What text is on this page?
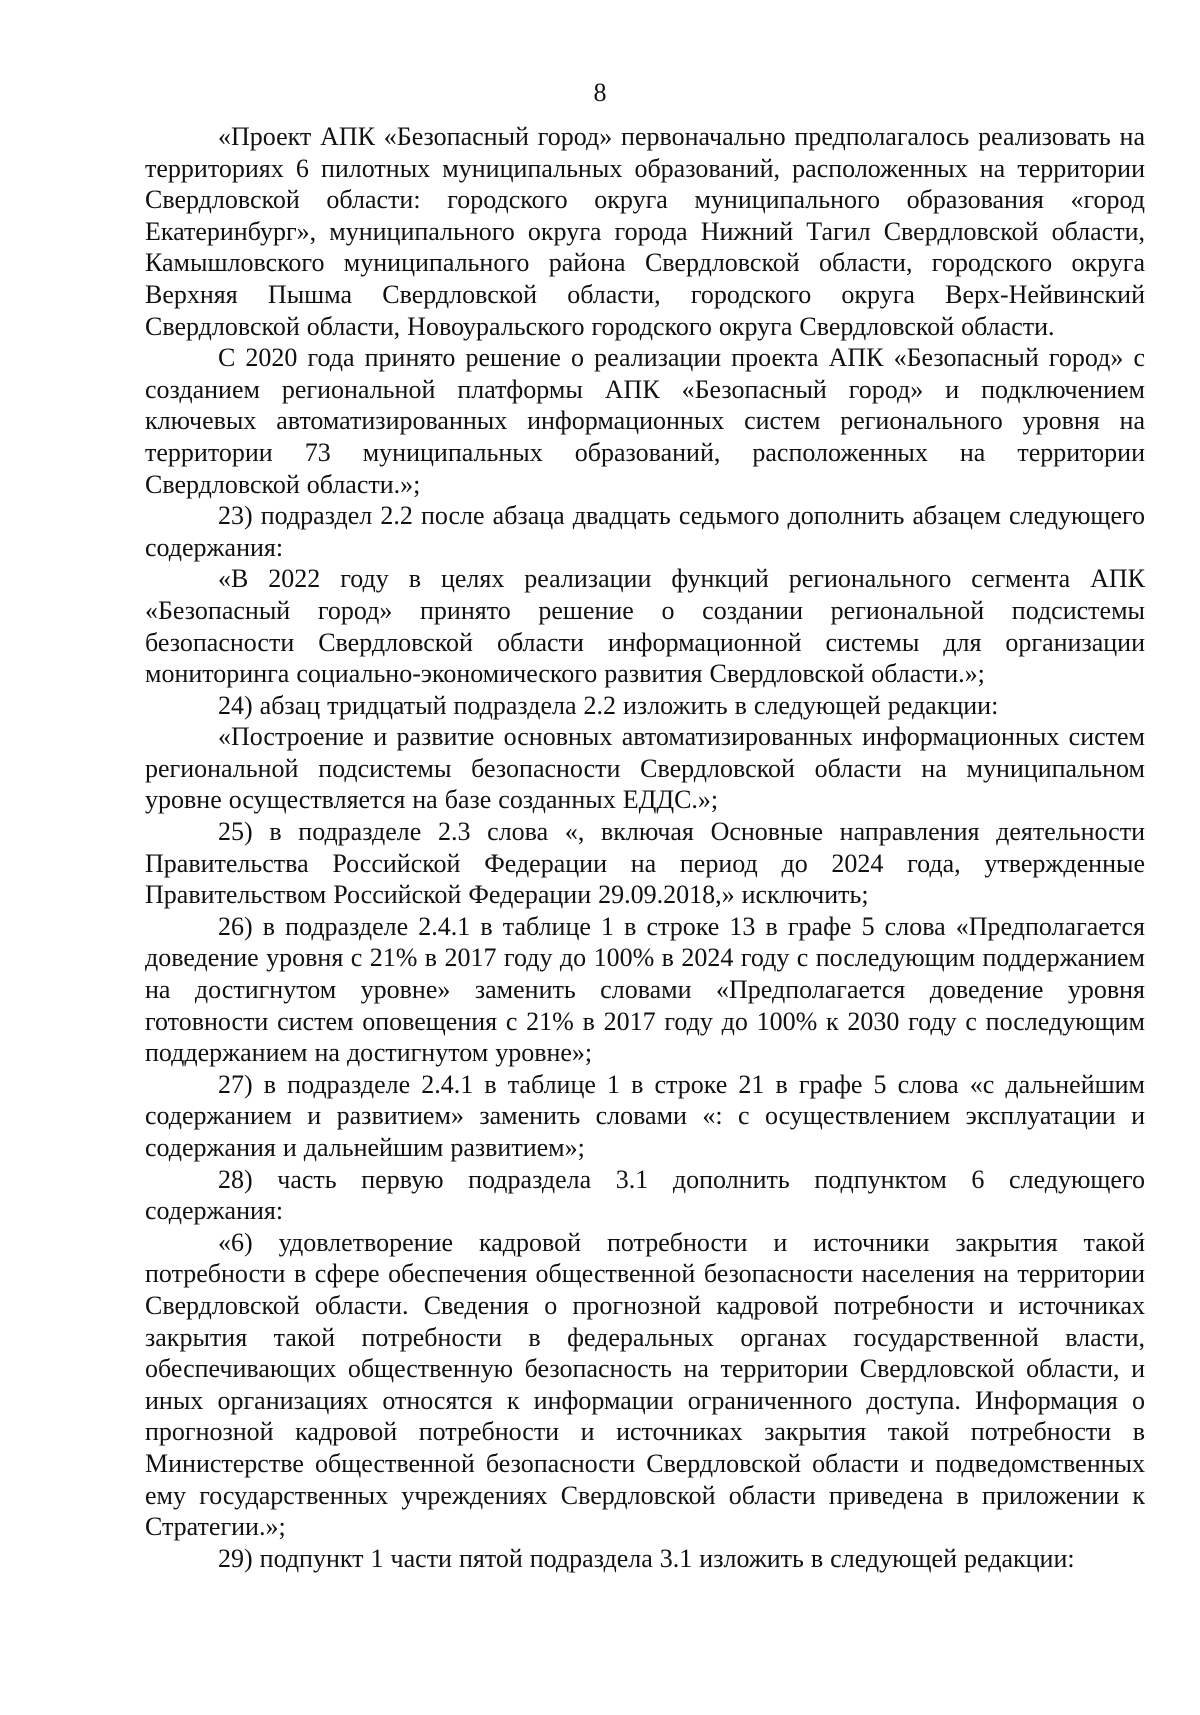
8

«Проект АПК «Безопасный город» первоначально предполагалось реализовать на территориях 6 пилотных муниципальных образований, расположенных на территории Свердловской области: городского округа муниципального образования «город Екатеринбург», муниципального округа города Нижний Тагил Свердловской области, Камышловского муниципального района Свердловской области, городского округа Верхняя Пышма Свердловской области, городского округа Верх-Нейвинский Свердловской области, Новоуральского городского округа Свердловской области.

С 2020 года принято решение о реализации проекта АПК «Безопасный город» с созданием региональной платформы АПК «Безопасный город» и подключением ключевых автоматизированных информационных систем регионального уровня на территории 73 муниципальных образований, расположенных на территории Свердловской области.»;

23) подраздел 2.2 после абзаца двадцать седьмого дополнить абзацем следующего содержания:

«В 2022 году в целях реализации функций регионального сегмента АПК «Безопасный город» принято решение о создании региональной подсистемы безопасности Свердловской области информационной системы для организации мониторинга социально-экономического развития Свердловской области.»;

24) абзац тридцатый подраздела 2.2 изложить в следующей редакции:

«Построение и развитие основных автоматизированных информационных систем региональной подсистемы безопасности Свердловской области на муниципальном уровне осуществляется на базе созданных ЕДДС.»;

25) в подразделе 2.3 слова «, включая Основные направления деятельности Правительства Российской Федерации на период до 2024 года, утвержденные Правительством Российской Федерации 29.09.2018,» исключить;

26) в подразделе 2.4.1 в таблице 1 в строке 13 в графе 5 слова «Предполагается доведение уровня с 21% в 2017 году до 100% в 2024 году с последующим поддержанием на достигнутом уровне» заменить словами «Предполагается доведение уровня готовности систем оповещения с 21% в 2017 году до 100% к 2030 году с последующим поддержанием на достигнутом уровне»;

27) в подразделе 2.4.1 в таблице 1 в строке 21 в графе 5 слова «с дальнейшим содержанием и развитием» заменить словами «: с осуществлением эксплуатации и содержания и дальнейшим развитием»;

28) часть первую подраздела 3.1 дополнить подпунктом 6 следующего содержания:

«6) удовлетворение кадровой потребности и источники закрытия такой потребности в сфере обеспечения общественной безопасности населения на территории Свердловской области. Сведения о прогнозной кадровой потребности и источниках закрытия такой потребности в федеральных органах государственной власти, обеспечивающих общественную безопасность на территории Свердловской области, и иных организациях относятся к информации ограниченного доступа. Информация о прогнозной кадровой потребности и источниках закрытия такой потребности в Министерстве общественной безопасности Свердловской области и подведомственных ему государственных учреждениях Свердловской области приведена в приложении к Стратегии.»;

29) подпункт 1 части пятой подраздела 3.1 изложить в следующей редакции:
